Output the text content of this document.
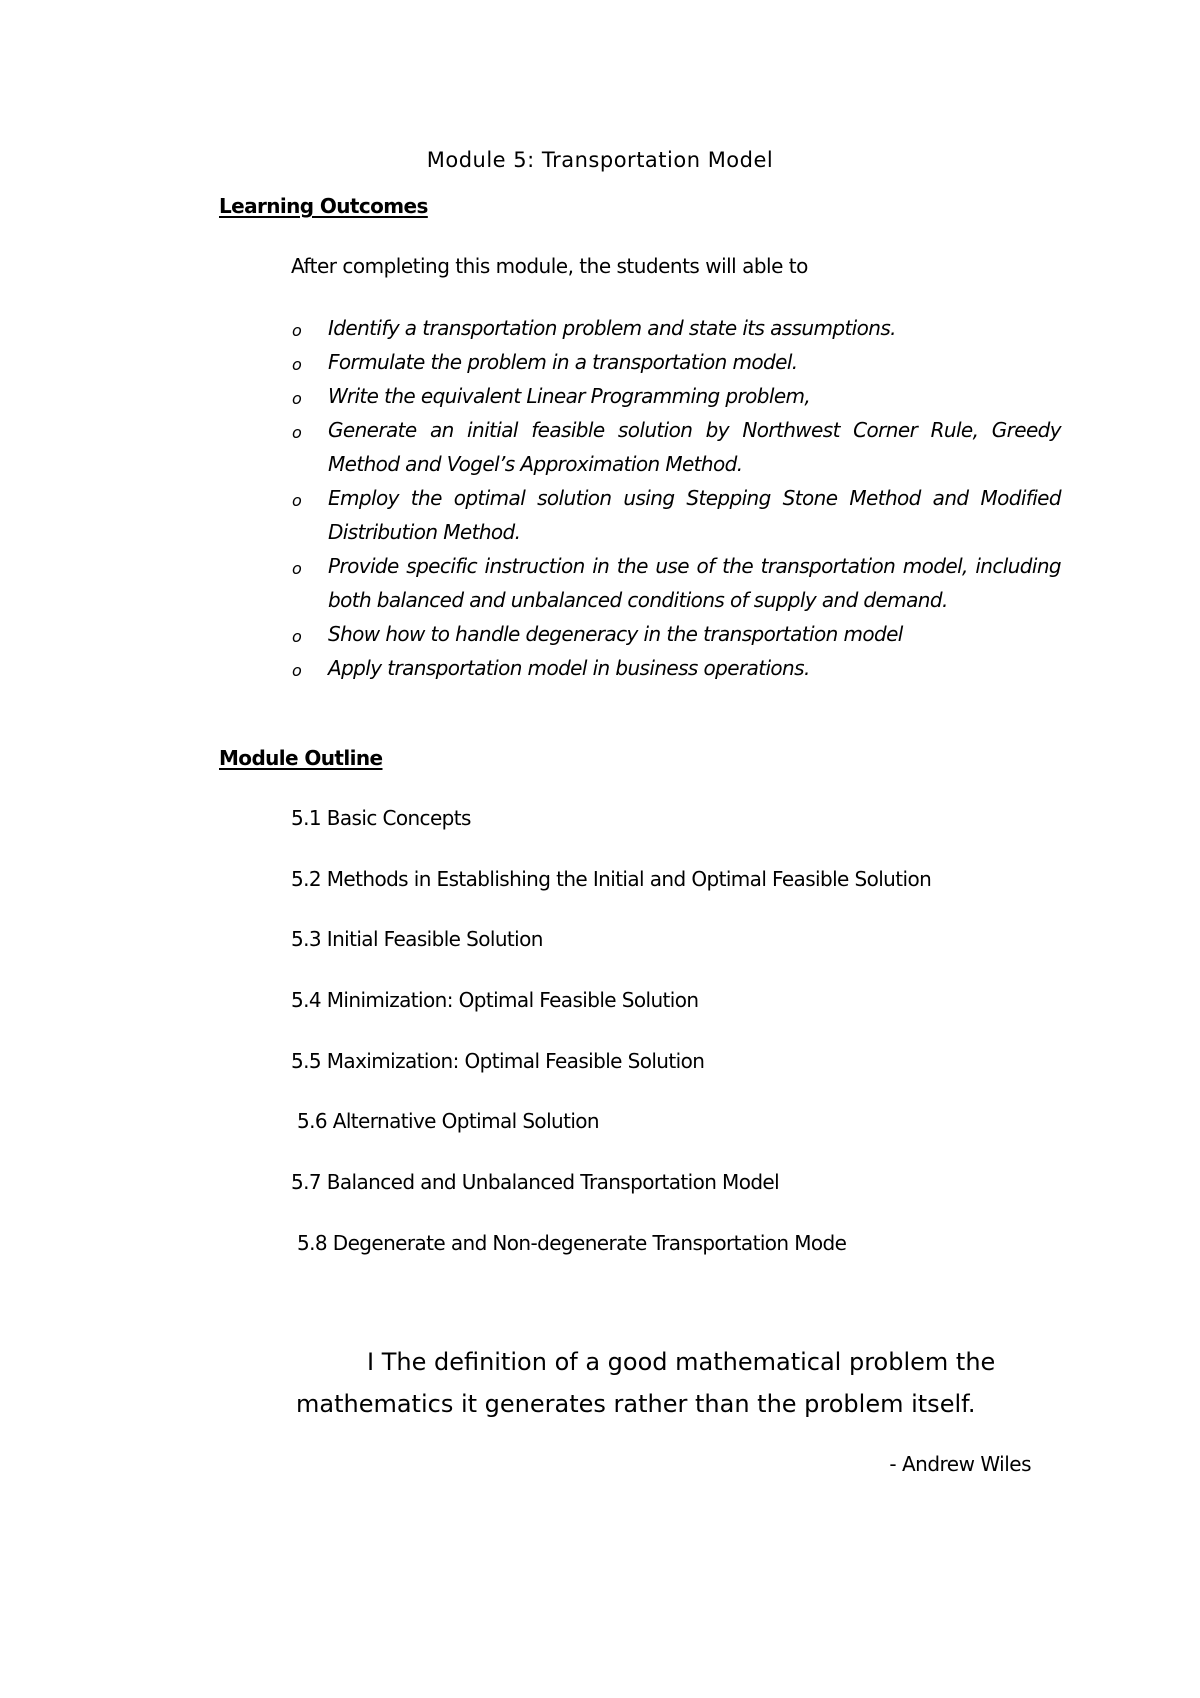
Module 5: Transportation Model
Learning Outcomes
After completing this module, the students will able to
o Identify a transportation problem and state its assumptions.
o Formulate the problem in a transportation model.
o Write the equivalent Linear Programming problem,
o Generate an initial feasible solution by Northwest Corner Rule, Greedy Method and Vogel’s Approximation Method.
o Employ the optimal solution using Stepping Stone Method and Modified Distribution Method.
o Provide specific instruction in the use of the transportation model, including both balanced and unbalanced conditions of supply and demand.
o Show how to handle degeneracy in the transportation model
o Apply transportation model in business operations.
Module Outline
5.1 Basic Concepts
5.2 Methods in Establishing the Initial and Optimal Feasible Solution
5.3 Initial Feasible Solution
5.4 Minimization: Optimal Feasible Solution
5.5 Maximization: Optimal Feasible Solution
5.6 Alternative Optimal Solution
5.7 Balanced and Unbalanced Transportation Model
5.8 Degenerate and Non-degenerate Transportation Mode
I The definition of a good mathematical problem the
mathematics it generates rather than the problem itself.
- Andrew Wiles
